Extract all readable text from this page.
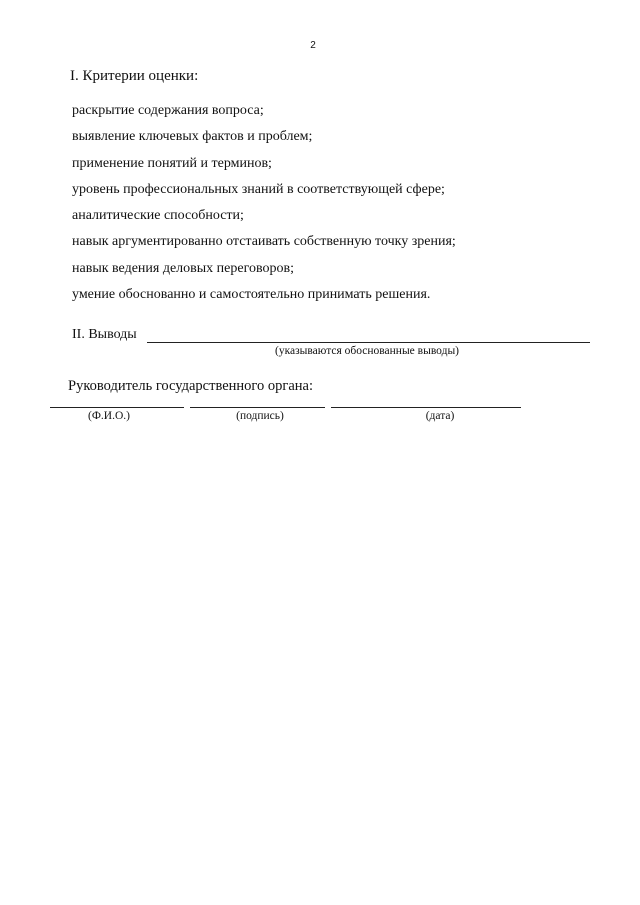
2
I. Критерии оценки:
раскрытие содержания вопроса;
выявление ключевых фактов и проблем;
применение понятий и терминов;
уровень профессиональных знаний в соответствующей сфере;
аналитические способности;
навык аргументированно отстаивать собственную точку зрения;
навык ведения деловых переговоров;
умение обоснованно и самостоятельно принимать решения.
II. Выводы
(указываются обоснованные выводы)
Руководитель государственного органа:
(Ф.И.О.)	(подпись)	(дата)
